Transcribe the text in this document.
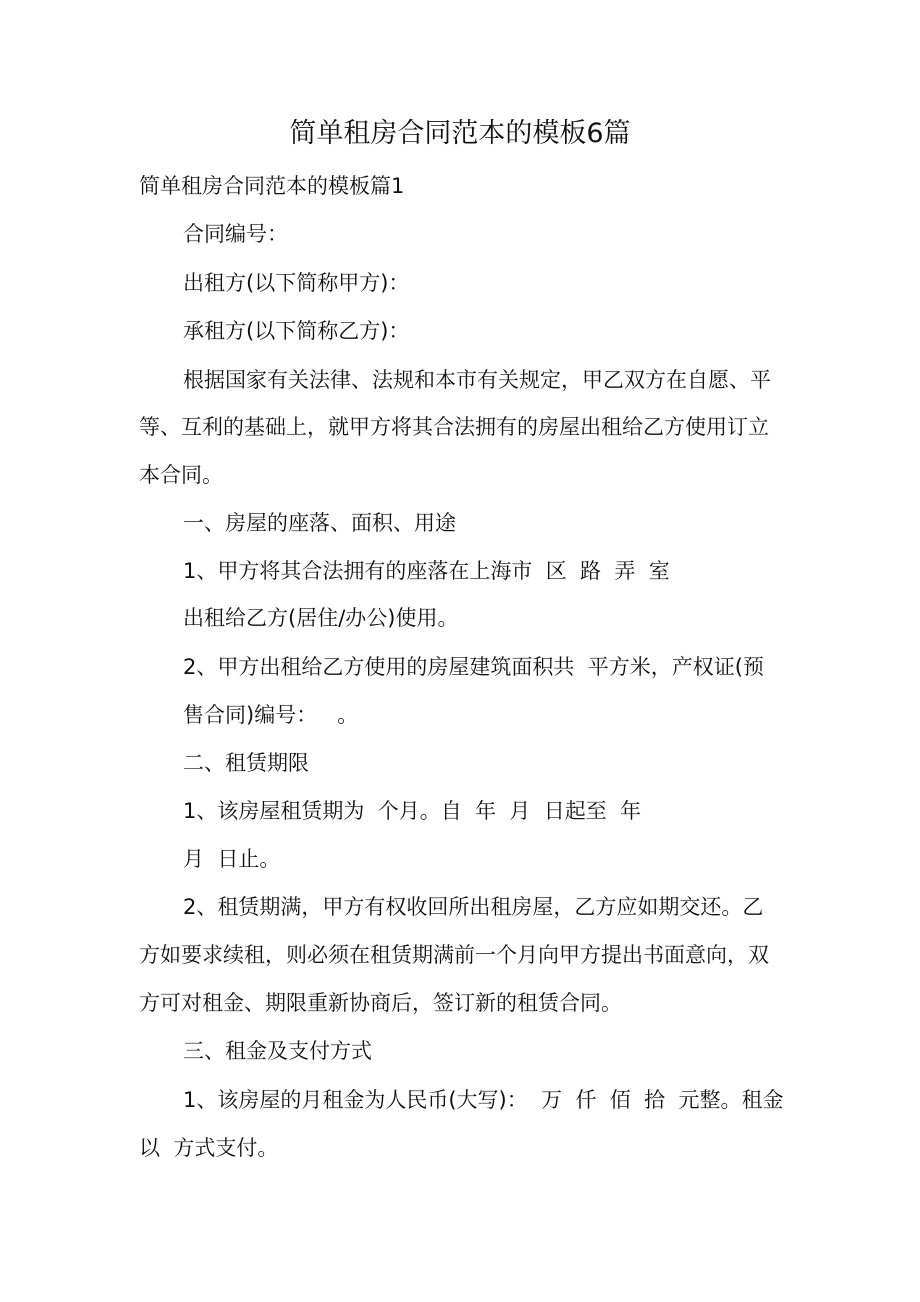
简单租房合同范本的模板6篇
简单租房合同范本的模板篇1
合同编号：
出租方(以下简称甲方)：
承租方(以下简称乙方)：
根据国家有关法律、法规和本市有关规定，甲乙双方在自愿、平
等、互利的基础上，就甲方将其合法拥有的房屋出租给乙方使用订立
本合同。
一、房屋的座落、面积、用途
1、甲方将其合法拥有的座落在上海市  区  路  弄  室
出租给乙方(居住/办公)使用。
2、甲方出租给乙方使用的房屋建筑面积共  平方米，产权证(预
售合同)编号：   。
二、租赁期限
1、该房屋租赁期为  个月。自  年  月  日起至  年
月  日止。
2、租赁期满，甲方有权收回所出租房屋，乙方应如期交还。乙
方如要求续租，则必须在租赁期满前一个月向甲方提出书面意向，双
方可对租金、期限重新协商后，签订新的租赁合同。
三、租金及支付方式
1、该房屋的月租金为人民币(大写)：  万  仟  佰  拾  元整。租金
以  方式支付。
